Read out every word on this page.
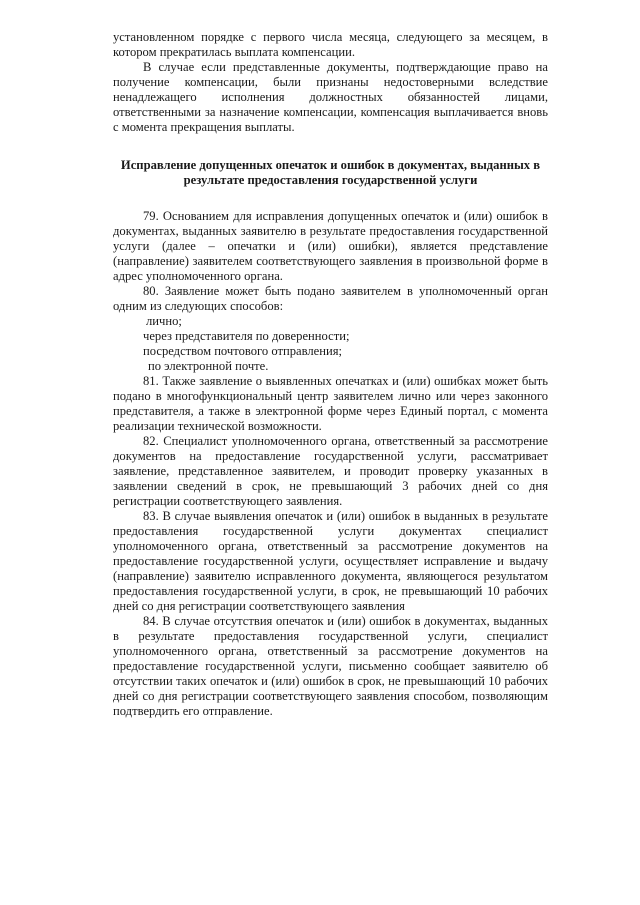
установленном порядке с первого числа месяца, следующего за месяцем, в котором прекратилась выплата компенсации.

В случае если представленные документы, подтверждающие право на получение компенсации, были признаны недостоверными вследствие ненадлежащего исполнения должностных обязанностей лицами, ответственными за назначение компенсации, компенсация выплачивается вновь с момента прекращения выплаты.

Исправление допущенных опечаток и ошибок в документах, выданных в результате предоставления государственной услуги

79. Основанием для исправления допущенных опечаток и (или) ошибок в документах, выданных заявителю в результате предоставления государственной услуги (далее – опечатки и (или) ошибки), является представление (направление) заявителем соответствующего заявления в произвольной форме в адрес уполномоченного органа.

80. Заявление может быть подано заявителем в уполномоченный орган одним из следующих способов:

лично;

через представителя по доверенности;

посредством почтового отправления;

по электронной почте.

81. Также заявление о выявленных опечатках и (или) ошибках может быть подано в многофункциональный центр заявителем лично или через законного представителя, а также в электронной форме через Единый портал, с момента реализации технической возможности.

82. Специалист уполномоченного органа, ответственный за рассмотрение документов на предоставление государственной услуги, рассматривает заявление, представленное заявителем, и проводит проверку указанных в заявлении сведений в срок, не превышающий 3 рабочих дней со дня регистрации соответствующего заявления.

83. В случае выявления опечаток и (или) ошибок в выданных в результате предоставления государственной услуги документах специалист уполномоченного органа, ответственный за рассмотрение документов на предоставление государственной услуги, осуществляет исправление и выдачу (направление) заявителю исправленного документа, являющегося результатом предоставления государственной услуги, в срок, не превышающий 10 рабочих дней со дня регистрации соответствующего заявления

84. В случае отсутствия опечаток и (или) ошибок в документах, выданных в результате предоставления государственной услуги, специалист уполномоченного органа, ответственный за рассмотрение документов на предоставление государственной услуги, письменно сообщает заявителю об отсутствии таких опечаток и (или) ошибок в срок, не превышающий 10 рабочих дней со дня регистрации соответствующего заявления способом, позволяющим подтвердить его отправление.
